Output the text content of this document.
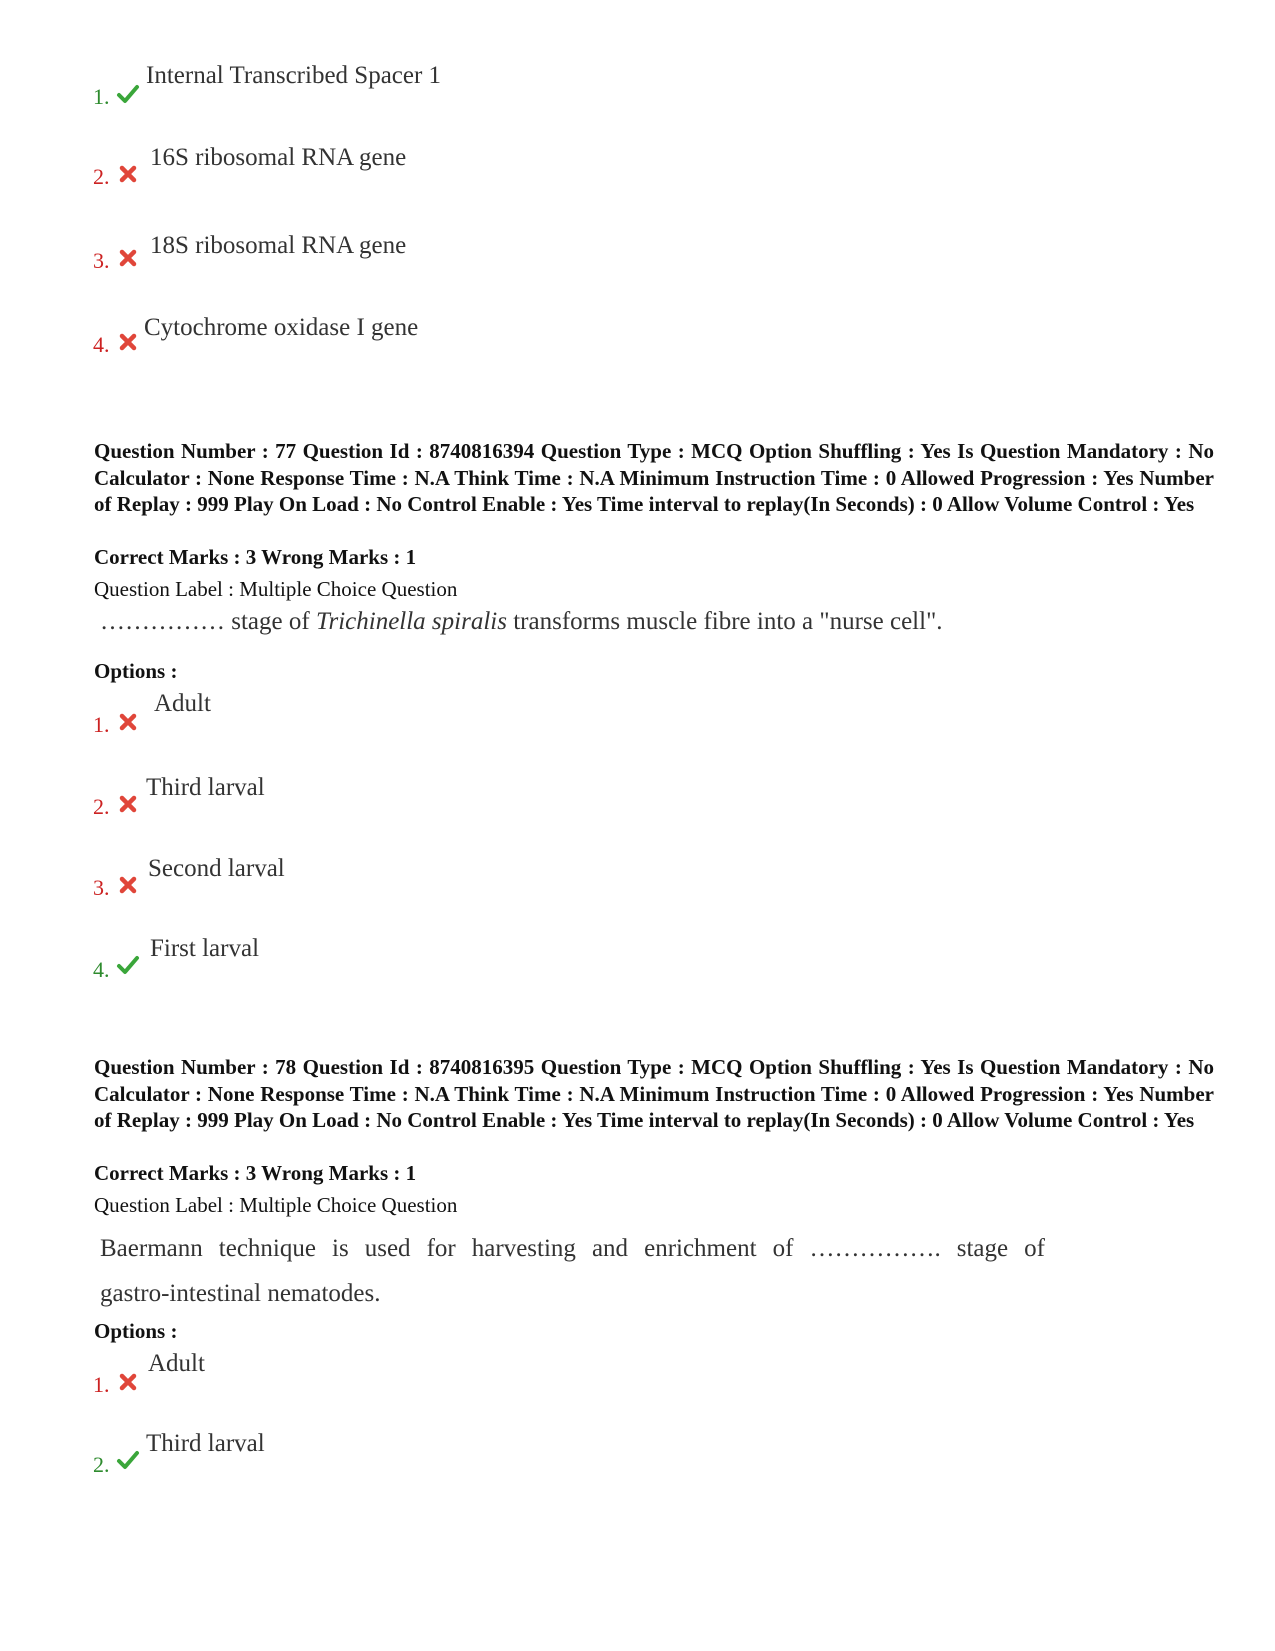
1.
Internal Transcribed Spacer 1
2.
16S ribosomal RNA gene
3.
18S ribosomal RNA gene
4.
Cytochrome oxidase I gene
Question Number : 77 Question Id : 8740816394 Question Type : MCQ Option Shuffling : Yes Is Question Mandatory : No Calculator : None Response Time : N.A Think Time : N.A Minimum Instruction Time : 0 Allowed Progression : Yes Number of Replay : 999 Play On Load : No Control Enable : Yes Time interval to replay(In Seconds) : 0 Allow Volume Control : Yes
Correct Marks : 3 Wrong Marks : 1
Question Label : Multiple Choice Question
…………… stage of Trichinella spiralis transforms muscle fibre into a "nurse cell".
Options :
1.
Adult
2.
Third larval
3.
Second larval
4.
First larval
Question Number : 78 Question Id : 8740816395 Question Type : MCQ Option Shuffling : Yes Is Question Mandatory : No Calculator : None Response Time : N.A Think Time : N.A Minimum Instruction Time : 0 Allowed Progression : Yes Number of Replay : 999 Play On Load : No Control Enable : Yes Time interval to replay(In Seconds) : 0 Allow Volume Control : Yes
Correct Marks : 3 Wrong Marks : 1
Question Label : Multiple Choice Question
Baermann technique is used for harvesting and enrichment of ……………. stage of
gastro-intestinal nematodes.
Options :
1.
Adult
2.
Third larval
